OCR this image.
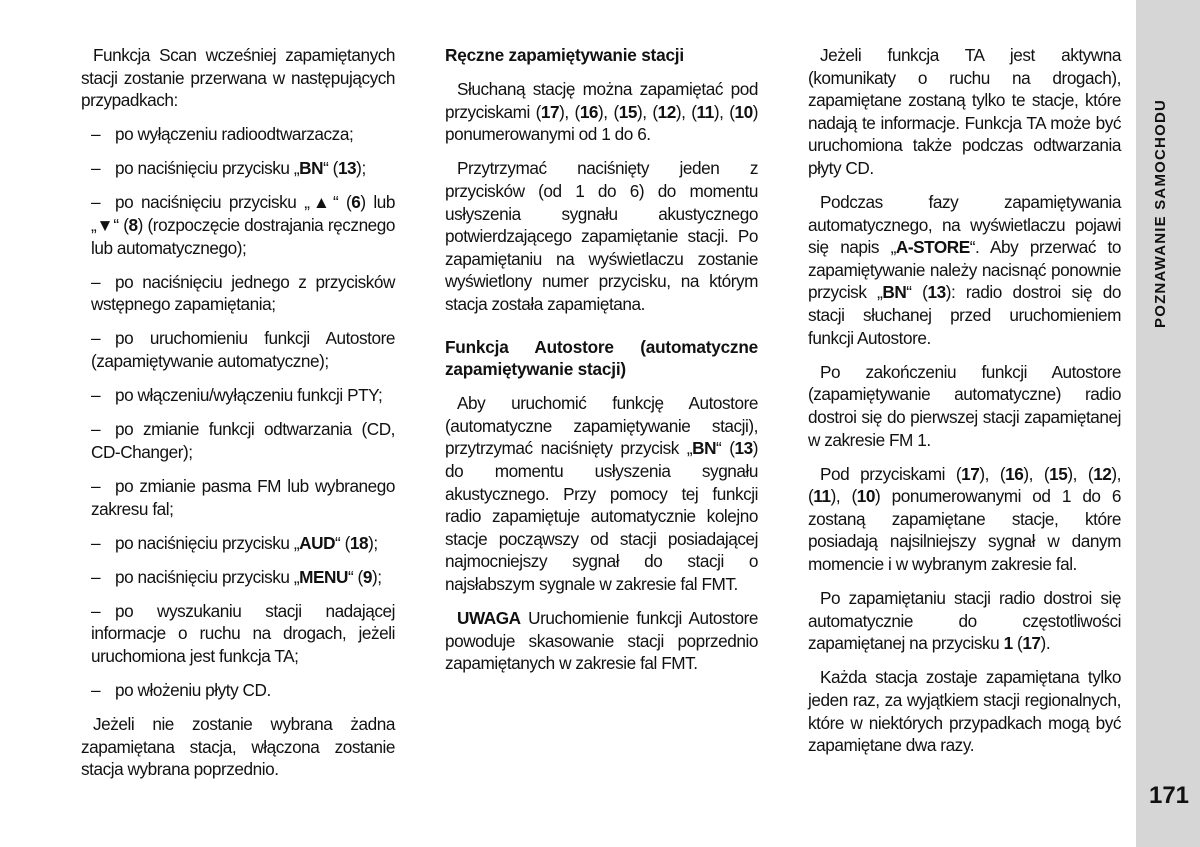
Funkcja Scan wcześniej zapamiętanych stacji zostanie przerwana w następujących przypadkach:

– po wyłączeniu radioodtwarzacza;

– po naciśnięciu przycisku „BN“ (13);

– po naciśnięciu przycisku „▲“ (6) lub „▼“ (8) (rozpoczęcie dostrajania ręcznego lub automatycznego);

– po naciśnięciu jednego z przycisków wstępnego zapamiętania;

– po uruchomieniu funkcji Autostore (zapamiętywanie automatyczne);

– po włączeniu/wyłączeniu funkcji PTY;

– po zmianie funkcji odtwarzania (CD, CD-Changer);

– po zmianie pasma FM lub wybranego zakresu fal;

– po naciśnięciu przycisku „AUD“ (18);

– po naciśnięciu przycisku „MENU“ (9);

– po wyszukaniu stacji nadającej informacje o ruchu na drogach, jeżeli uruchomiona jest funkcja TA;

– po włożeniu płyty CD.

Jeżeli nie zostanie wybrana żadna zapamiętana stacja, włączona zostanie stacja wybrana poprzednio.

Ręczne zapamiętywanie stacji

Słuchaną stację można zapamiętać pod przyciskami (17), (16), (15), (12), (11), (10) ponumerowanymi od 1 do 6.

Przytrzymać naciśnięty jeden z przycisków (od 1 do 6) do momentu usłyszenia sygnału akustycznego potwierdzającego zapamiętanie stacji. Po zapamiętaniu na wyświetlaczu zostanie wyświetlony numer przycisku, na którym stacja została zapamiętana.

Funkcja Autostore (automatyczne zapamiętywanie stacji)

Aby uruchomić funkcję Autostore (automatyczne zapamiętywanie stacji), przytrzymać naciśnięty przycisk „BN“ (13) do momentu usłyszenia sygnału akustycznego. Przy pomocy tej funkcji radio zapamiętuje automatycznie kolejno stacje począwszy od stacji posiadającej najmocniejszy sygnał do stacji o najsłabszym sygnale w zakresie fal FMT.

UWAGA Uruchomienie funkcji Autostore powoduje skasowanie stacji poprzednio zapamiętanych w zakresie fal FMT.

Jeżeli funkcja TA jest aktywna (komunikaty o ruchu na drogach), zapamiętane zostaną tylko te stacje, które nadają te informacje. Funkcja TA może być uruchomiona także podczas odtwarzania płyty CD.

Podczas fazy zapamiętywania automatycznego, na wyświetlaczu pojawi się napis „A-STORE“. Aby przerwać to zapamiętywanie należy nacisnąć ponownie przycisk „BN“ (13): radio dostroi się do stacji słuchanej przed uruchomieniem funkcji Autostore.

Po zakończeniu funkcji Autostore (zapamiętywanie automatyczne) radio dostroi się do pierwszej stacji zapamiętanej w zakresie FM 1.

Pod przyciskami (17), (16), (15), (12), (11), (10) ponumerowanymi od 1 do 6 zostaną zapamiętane stacje, które posiadają najsilniejszy sygnał w danym momencie i w wybranym zakresie fal.

Po zapamiętaniu stacji radio dostroi się automatycznie do częstotliwości zapamiętanej na przycisku 1 (17).

Każda stacja zostaje zapamiętana tylko jeden raz, za wyjątkiem stacji regionalnych, które w niektórych przypadkach mogą być zapamiętane dwa razy.

POZNAWANIE SAMOCHODU
171
